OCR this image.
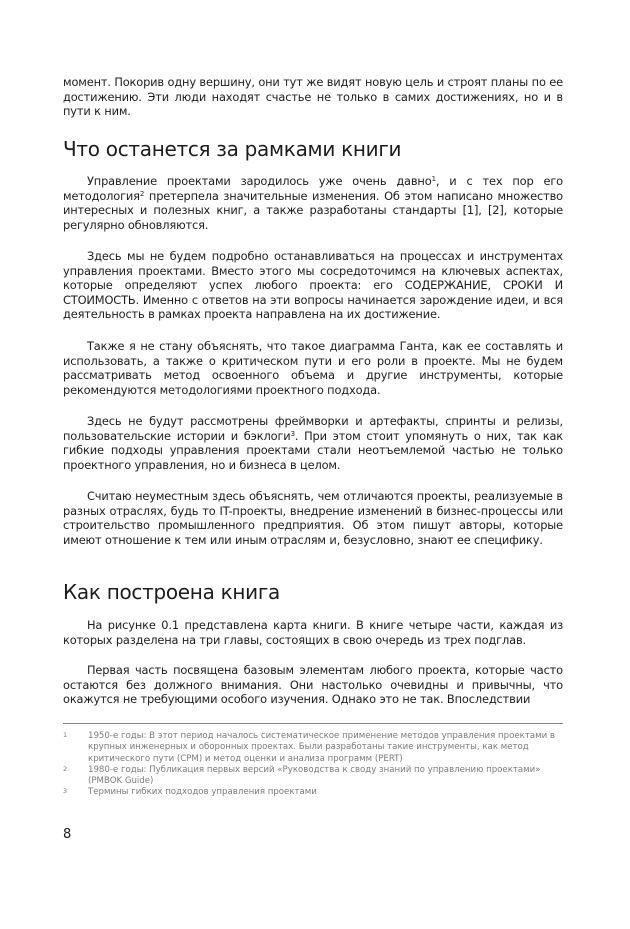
момент. Покорив одну вершину, они тут же видят новую цель и строят планы по ее достижению. Эти люди находят счастье не только в самих достижениях, но и в пути к ним.

Что останется за рамками книги

Управление проектами зародилось уже очень давно$^1$, и с тех пор его методология$^2$ претерпела значительные изменения. Об этом написано множество интересных и полезных книг, а также разработаны стандарты [1], [2], которые регулярно обновляются.

Здесь мы не будем подробно останавливаться на процессах и инструментах управления проектами. Вместо этого мы сосредоточимся на ключевых аспектах, которые определяют успех любого проекта: его СОДЕРЖАНИЕ, СРОКИ И СТОИМОСТЬ. Именно с ответов на эти вопросы начинается зарождение идеи, и вся деятельность в рамках проекта направлена на их достижение.

Также я не стану объяснять, что такое диаграмма Ганта, как ее составлять и использовать, а также о критическом пути и его роли в проекте. Мы не будем рассматривать метод освоенного объема и другие инструменты, которые рекомендуются методологиями проектного подхода.

Здесь не будут рассмотрены фреймворки и артефакты, спринты и релизы, пользовательские истории и бэклоги$^3$. При этом стоит упомянуть о них, так как гибкие подходы управления проектами стали неотъемлемой частью не только проектного управления, но и бизнеса в целом.

Считаю неуместным здесь объяснять, чем отличаются проекты, реализуемые в разных отраслях, будь то IT-проекты, внедрение изменений в бизнес-процессы или строительство промышленного предприятия. Об этом пишут авторы, которые имеют отношение к тем или иным отраслям и, безусловно, знают ее специфику.

Как построена книга

На рисунке 0.1 представлена карта книги. В книге четыре части, каждая из которых разделена на три главы, состоящих в свою очередь из трех подглав.

Первая часть посвящена базовым элементам любого проекта, которые часто остаются без должного внимания. Они настолько очевидны и привычны, что окажутся не требующими особого изучения. Однако это не так. Впоследствии

1 1950-е годы: В этот период началось систематическое применение методов управления проектами в крупных инженерных и оборонных проектах. Были разработаны такие инструменты, как метод критического пути (CPM) и метод оценки и анализа программ (PERT)
2 1980-е годы: Публикация первых версий «Руководства к своду знаний по управлению проектами» (PMBOK Guide)
3 Термины гибких подходов управления проектами
8
